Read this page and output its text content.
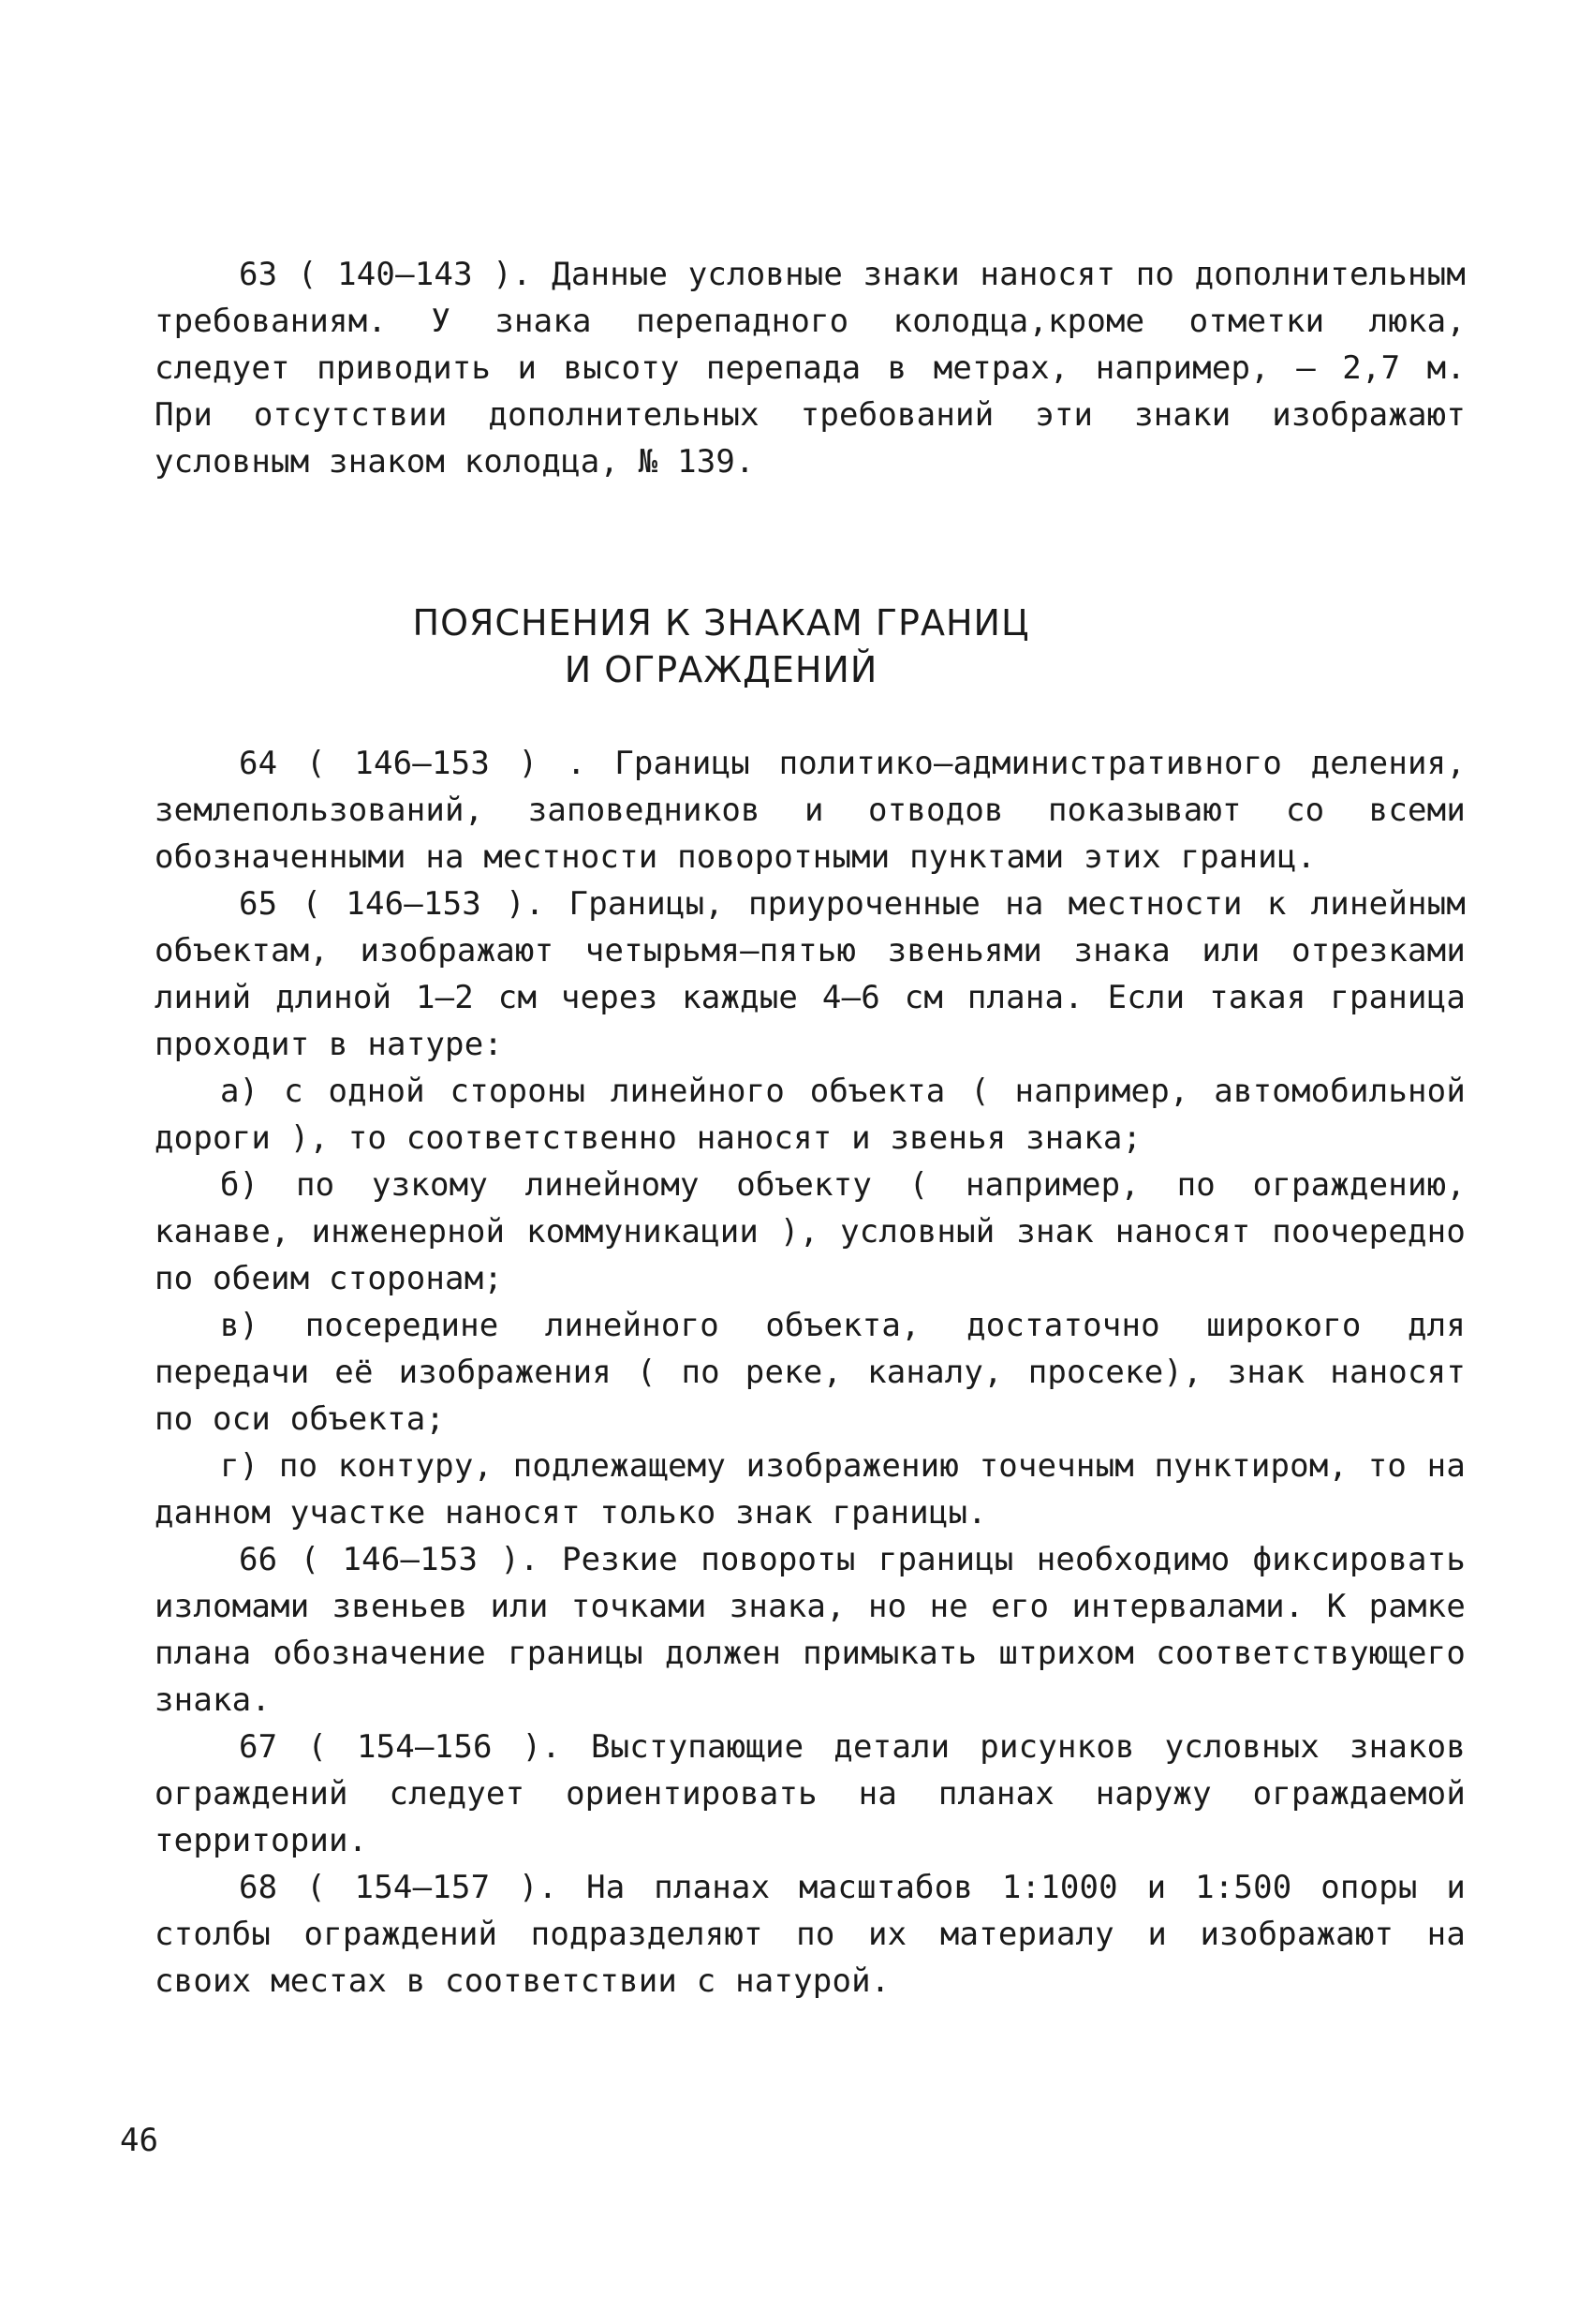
63 ( 140–143 ). Данные условные знаки наносят по дополнительным требованиям. У знака перепадного колодца,кроме отметки люка, следует приводить и высоту перепада в метрах, например, – 2,7 м. При отсутствии дополнительных требований эти знаки изображают условным знаком колодца, № 139.

ПОЯСНЕНИЯ К ЗНАКАМ ГРАНИЦ
И ОГРАЖДЕНИЙ

64 ( 146–153 ) . Границы политико–административного деления, землепользований, заповедников и отводов показывают со всеми обозначенными на местности поворотными пунктами этих границ.

65 ( 146–153 ). Границы, приуроченные на местности к линейным объектам, изображают четырьмя–пятью звеньями знака или отрезками линий длиной 1–2 см через каждые 4–6 см плана. Если такая граница проходит в натуре:

а) с одной стороны линейного объекта ( например, автомобильной дороги ), то соответственно наносят и звенья знака;

б) по узкому линейному объекту ( например, по ограждению, канаве, инженерной коммуникации ), условный знак наносят поочередно по обеим сторонам;

в) посередине линейного объекта, достаточно широкого для передачи её изображения ( по реке, каналу, просеке), знак наносят по оси объекта;

г) по контуру, подлежащему изображению точечным пунктиром, то на данном участке наносят только знак границы.

66 ( 146–153 ). Резкие повороты границы необходимо фиксировать изломами звеньев или точками знака, но не его интервалами. К рамке плана обозначение границы должен примыкать штрихом соответствующего знака.

67 ( 154–156 ). Выступающие детали рисунков условных знаков ограждений следует ориентировать на планах наружу ограждаемой территории.

68 ( 154–157 ). На планах масштабов 1:1000 и 1:500 опоры и столбы ограждений подразделяют по их материалу и изображают на своих местах в соответствии с натурой.

46
